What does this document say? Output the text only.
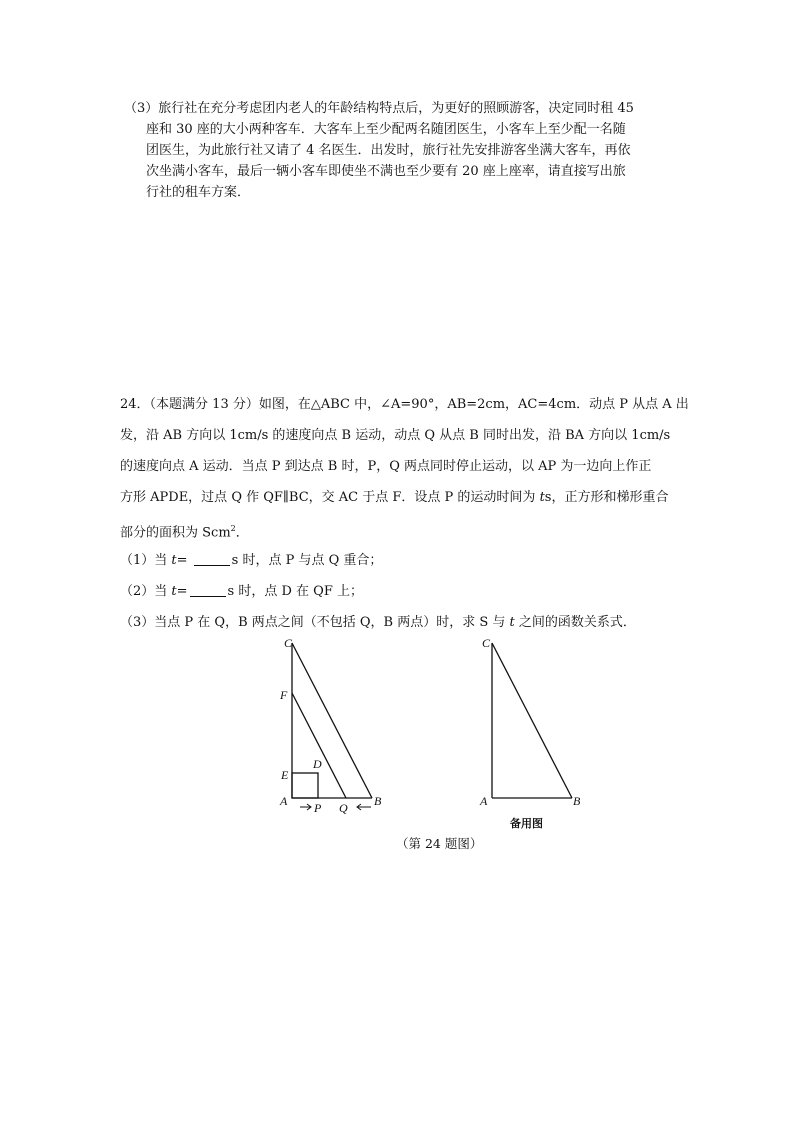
（3）旅行社在充分考虑团内老人的年龄结构特点后，为更好的照顾游客，决定同时租 45
座和 30 座的大小两种客车．大客车上至少配两名随团医生，小客车上至少配一名随
团医生，为此旅行社又请了 4 名医生．出发时，旅行社先安排游客坐满大客车，再依
次坐满小客车，最后一辆小客车即使坐不满也至少要有 20 座上座率，请直接写出旅
行社的租车方案．
24．（本题满分 13 分）如图，在△ABC 中，∠A=90°，AB=2cm，AC=4cm．动点 P 从点 A 出
发，沿 AB 方向以 1cm/s 的速度向点 B 运动，动点 Q 从点 B 同时出发，沿 BA 方向以 1cm/s
的速度向点 A 运动．当点 P 到达点 B 时，P，Q 两点同时停止运动，以 AP 为一边向上作正
方形 APDE，过点 Q 作 QF∥BC，交 AC 于点 F．设点 P 的运动时间为 ts，正方形和梯形重合
部分的面积为 Scm$^2$．
（1）当 t=	s 时，点 P 与点 Q 重合；
（2）当 t=	s 时，点 D 在 QF 上；
（3）当点 P 在 Q，B 两点之间（不包括 Q，B 两点）时，求 S 与 t 之间的函数关系式．
C
F
D
E
A P Q B
C
A	B
备用图
（第 24 题图）
